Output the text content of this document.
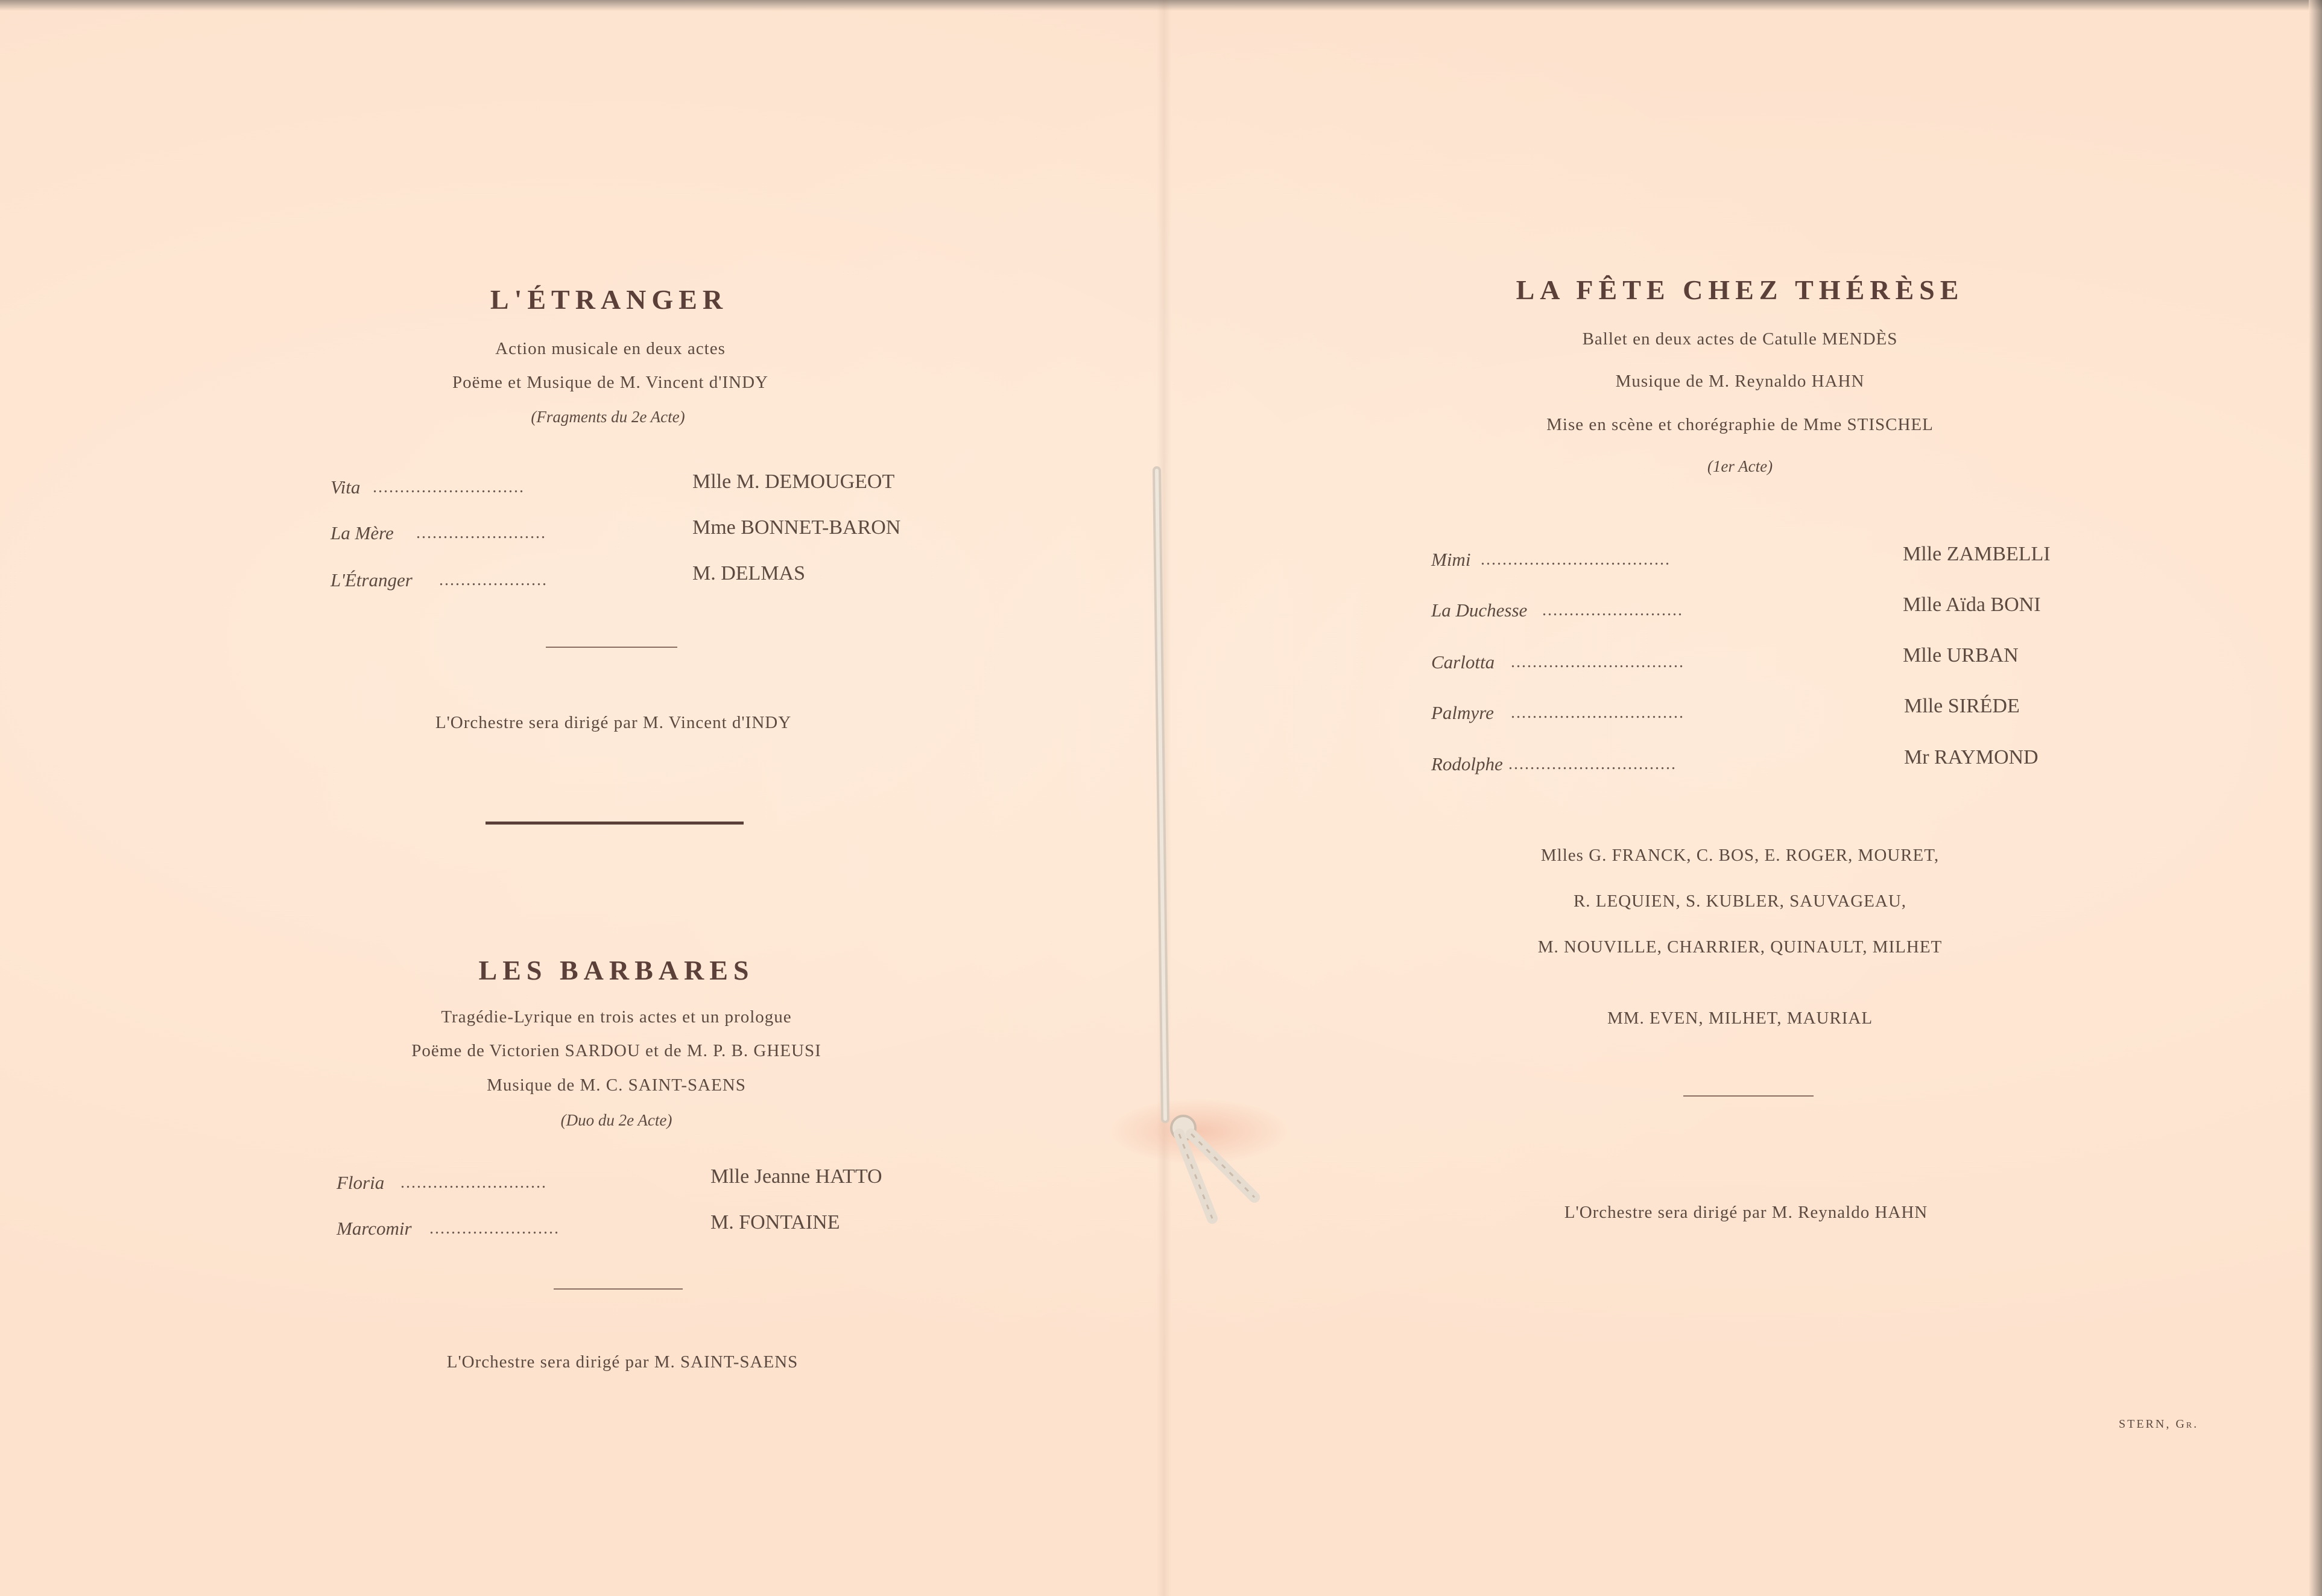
L'ÉTRANGER
Action musicale en deux actes
Poëme et Musique de M. Vincent d'INDY
(Fragments du 2e Acte)
Vita ............................	Mlle M. DEMOUGEOT
La Mère ........................	Mme BONNET-BARON
L'Étranger ....................	M. DELMAS
L'Orchestre sera dirigé par M. Vincent d'INDY
LES BARBARES
Tragédie-Lyrique en trois actes et un prologue
Poëme de Victorien SARDOU et de M. P. B. GHEUSI
Musique de M. C. SAINT-SAENS
(Duo du 2e Acte)
Floria ...........................	Mlle Jeanne HATTO
Marcomir ........................	M. FONTAINE
L'Orchestre sera dirigé par M. SAINT-SAENS
LA FÊTE CHEZ THÉRÈSE
Ballet en deux actes de Catulle MENDÈS
Musique de M. Reynaldo HAHN
Mise en scène et chorégraphie de Mme STISCHEL
(1er Acte)
Mimi ...................................	Mlle ZAMBELLI
La Duchesse ..........................	Mlle Aïda BONI
Carlotta ................................	Mlle URBAN
Palmyre ................................	Mlle SIRÉDE
Rodolphe ...............................	Mr RAYMOND
Mlles G. FRANCK, C. BOS, E. ROGER, MOURET,
R. LEQUIEN, S. KUBLER, SAUVAGEAU,
M. NOUVILLE, CHARRIER, QUINAULT, MILHET
MM. EVEN, MILHET, MAURIAL
L'Orchestre sera dirigé par M. Reynaldo HAHN
STERN, Gr.
